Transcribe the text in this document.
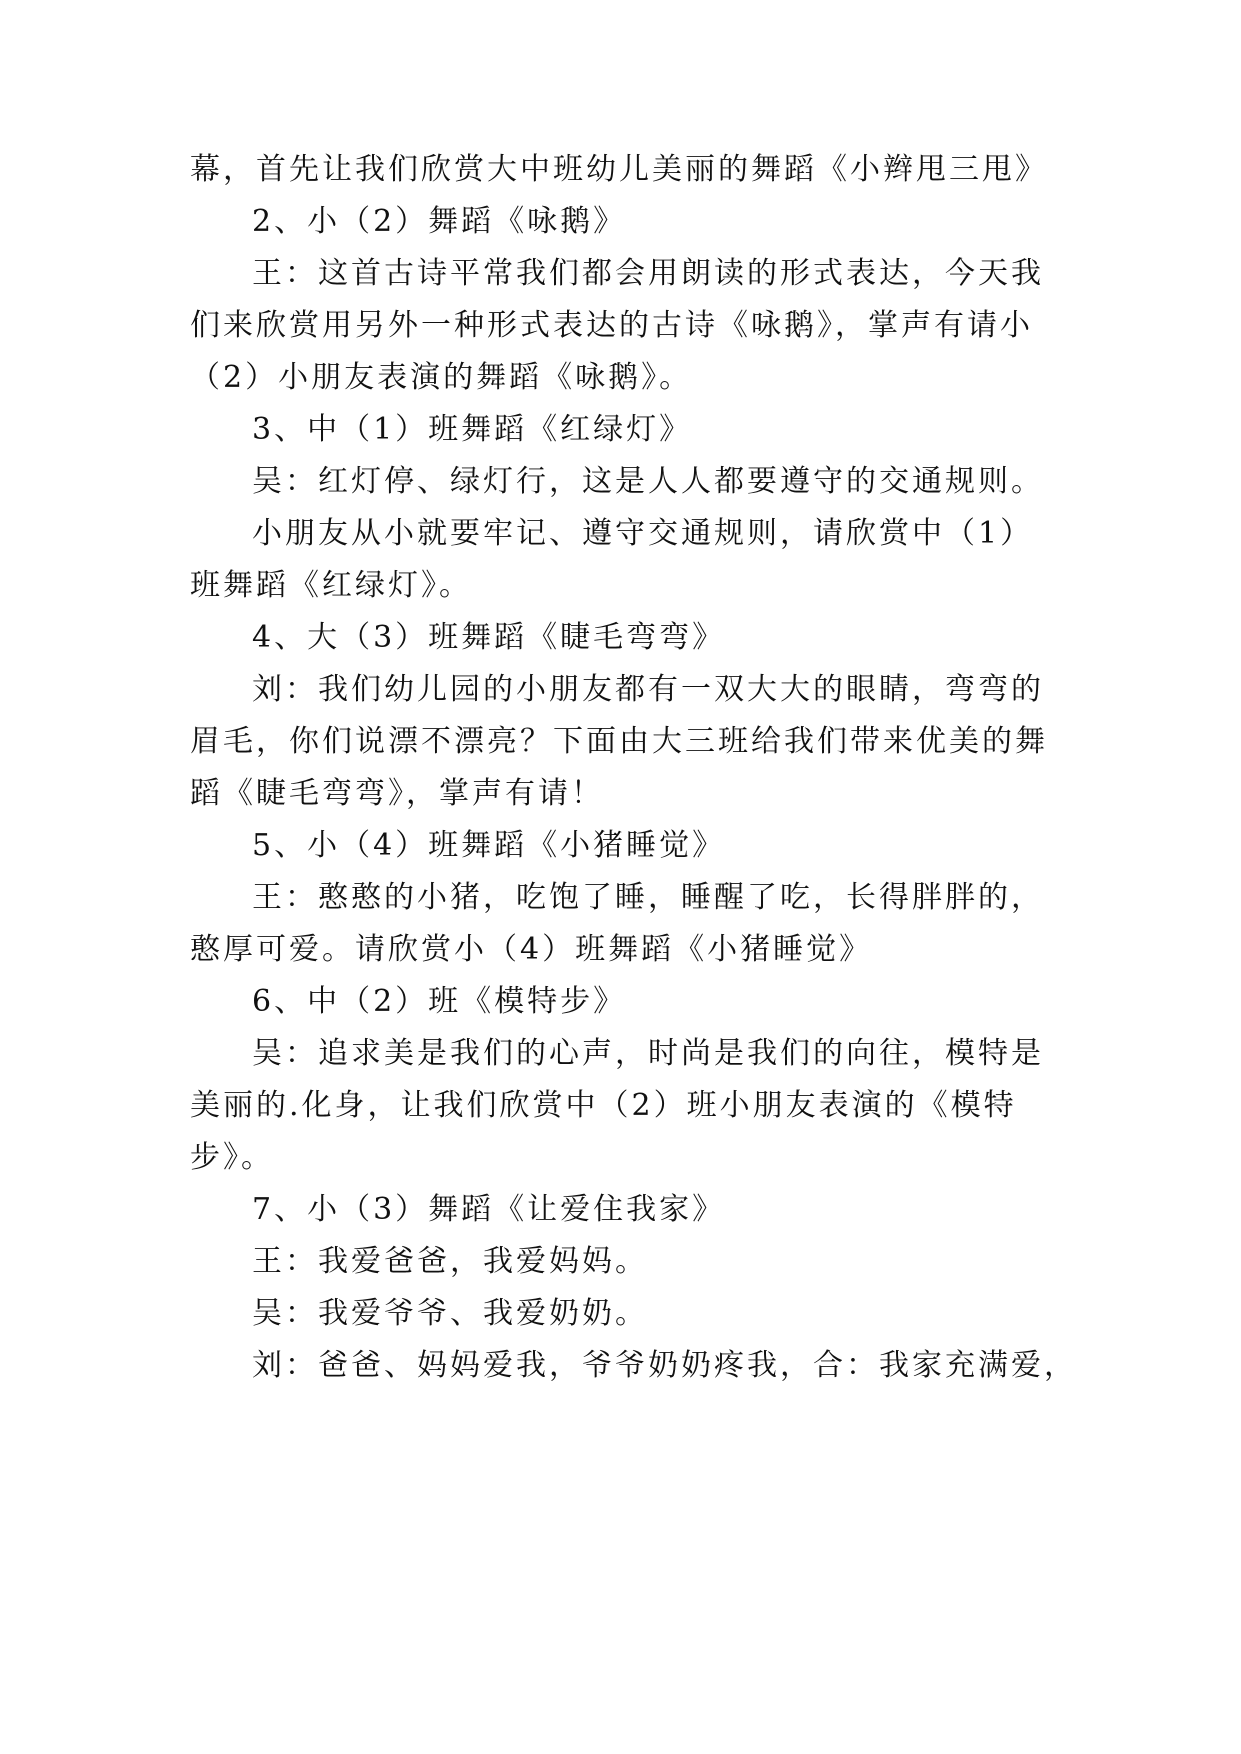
幕，首先让我们欣赏大中班幼儿美丽的舞蹈《小辫甩三甩》
2、小（2）舞蹈《咏鹅》
王：这首古诗平常我们都会用朗读的形式表达，今天我
们来欣赏用另外一种形式表达的古诗《咏鹅》，掌声有请小
（2）小朋友表演的舞蹈《咏鹅》。
3、中（1）班舞蹈《红绿灯》
吴：红灯停、绿灯行，这是人人都要遵守的交通规则。
小朋友从小就要牢记、遵守交通规则，请欣赏中（1）
班舞蹈《红绿灯》。
4、大（3）班舞蹈《睫毛弯弯》
刘：我们幼儿园的小朋友都有一双大大的眼睛，弯弯的
眉毛，你们说漂不漂亮？下面由大三班给我们带来优美的舞
蹈《睫毛弯弯》，掌声有请！
5、小（4）班舞蹈《小猪睡觉》
王：憨憨的小猪，吃饱了睡，睡醒了吃，长得胖胖的，
憨厚可爱。请欣赏小（4）班舞蹈《小猪睡觉》
6、中（2）班《模特步》
吴：追求美是我们的心声，时尚是我们的向往，模特是
美丽的.化身，让我们欣赏中（2）班小朋友表演的《模特
步》。
7、小（3）舞蹈《让爱住我家》
王：我爱爸爸，我爱妈妈。
吴：我爱爷爷、我爱奶奶。
刘：爸爸、妈妈爱我，爷爷奶奶疼我，合：我家充满爱，
